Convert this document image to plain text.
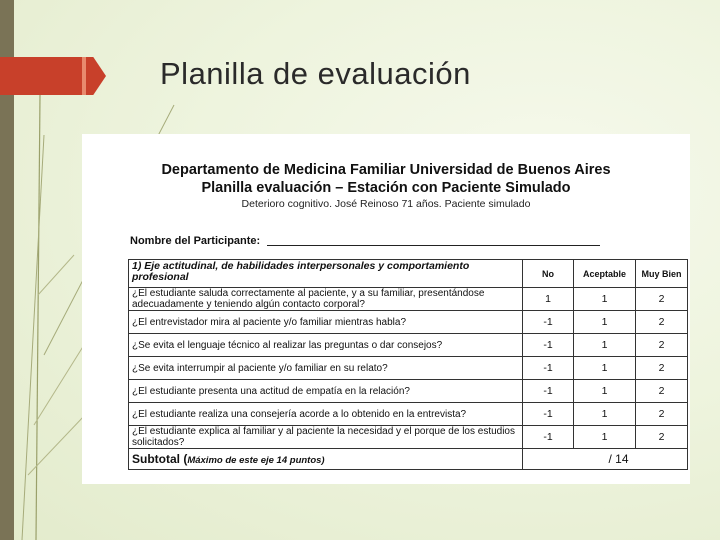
Planilla de evaluación
Departamento de Medicina Familiar Universidad de Buenos Aires
Planilla evaluación – Estación con Paciente Simulado
Deterioro cognitivo. José Reinoso 71 años. Paciente simulado
Nombre del Participante:
1) Eje actitudinal, de habilidades interpersonales y comportamiento profesional	No	Aceptable	Muy Bien
¿El estudiante saluda correctamente al paciente, y a su familiar, presentándose adecuadamente y teniendo algún contacto corporal?	1	1	2
¿El entrevistador mira al paciente y/o familiar mientras habla?	-1	1	2
¿Se evita el lenguaje técnico al realizar las preguntas o dar consejos?	-1	1	2
¿Se evita interrumpir al paciente y/o familiar en su relato?	-1	1	2
¿El estudiante presenta una actitud de empatía en la relación?	-1	1	2
¿El estudiante realiza una consejería acorde a lo obtenido en la entrevista?	-1	1	2
¿El estudiante explica al familiar y al paciente la necesidad y el porque de los estudios solicitados?	-1	1	2
Subtotal (Máximo de este eje 14 puntos)	/ 14		
